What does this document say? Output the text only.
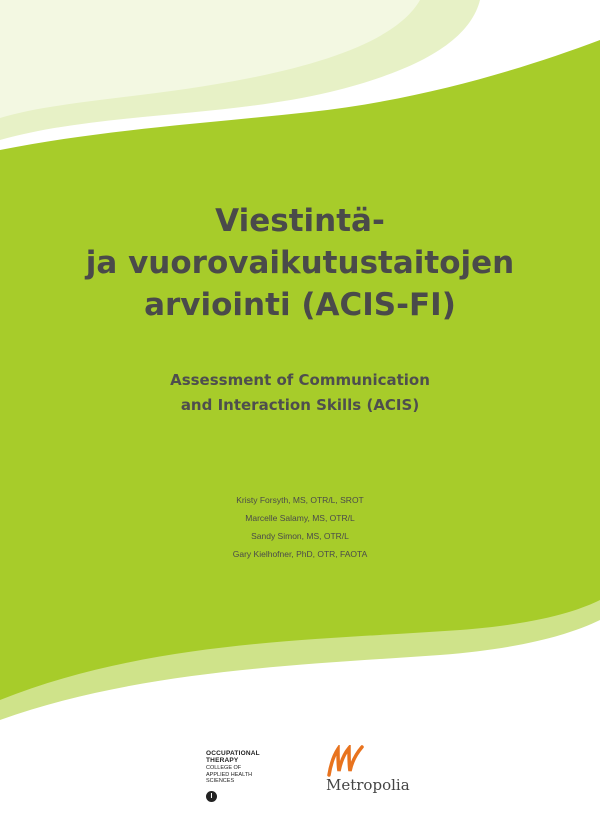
Viestintä-
ja vuorovaikutustaitojen
arviointi (ACIS-FI)
Assessment of Communication
and Interaction Skills (ACIS)
Kristy Forsyth, MS, OTR/L, SROT
Marcelle Salamy, MS, OTR/L
Sandy Simon, MS, OTR/L
Gary Kielhofner, PhD, OTR, FAOTA
OCCUPATIONAL
THERAPY
COLLEGE OF
APPLIED HEALTH
SCIENCES
I
Metropolia
